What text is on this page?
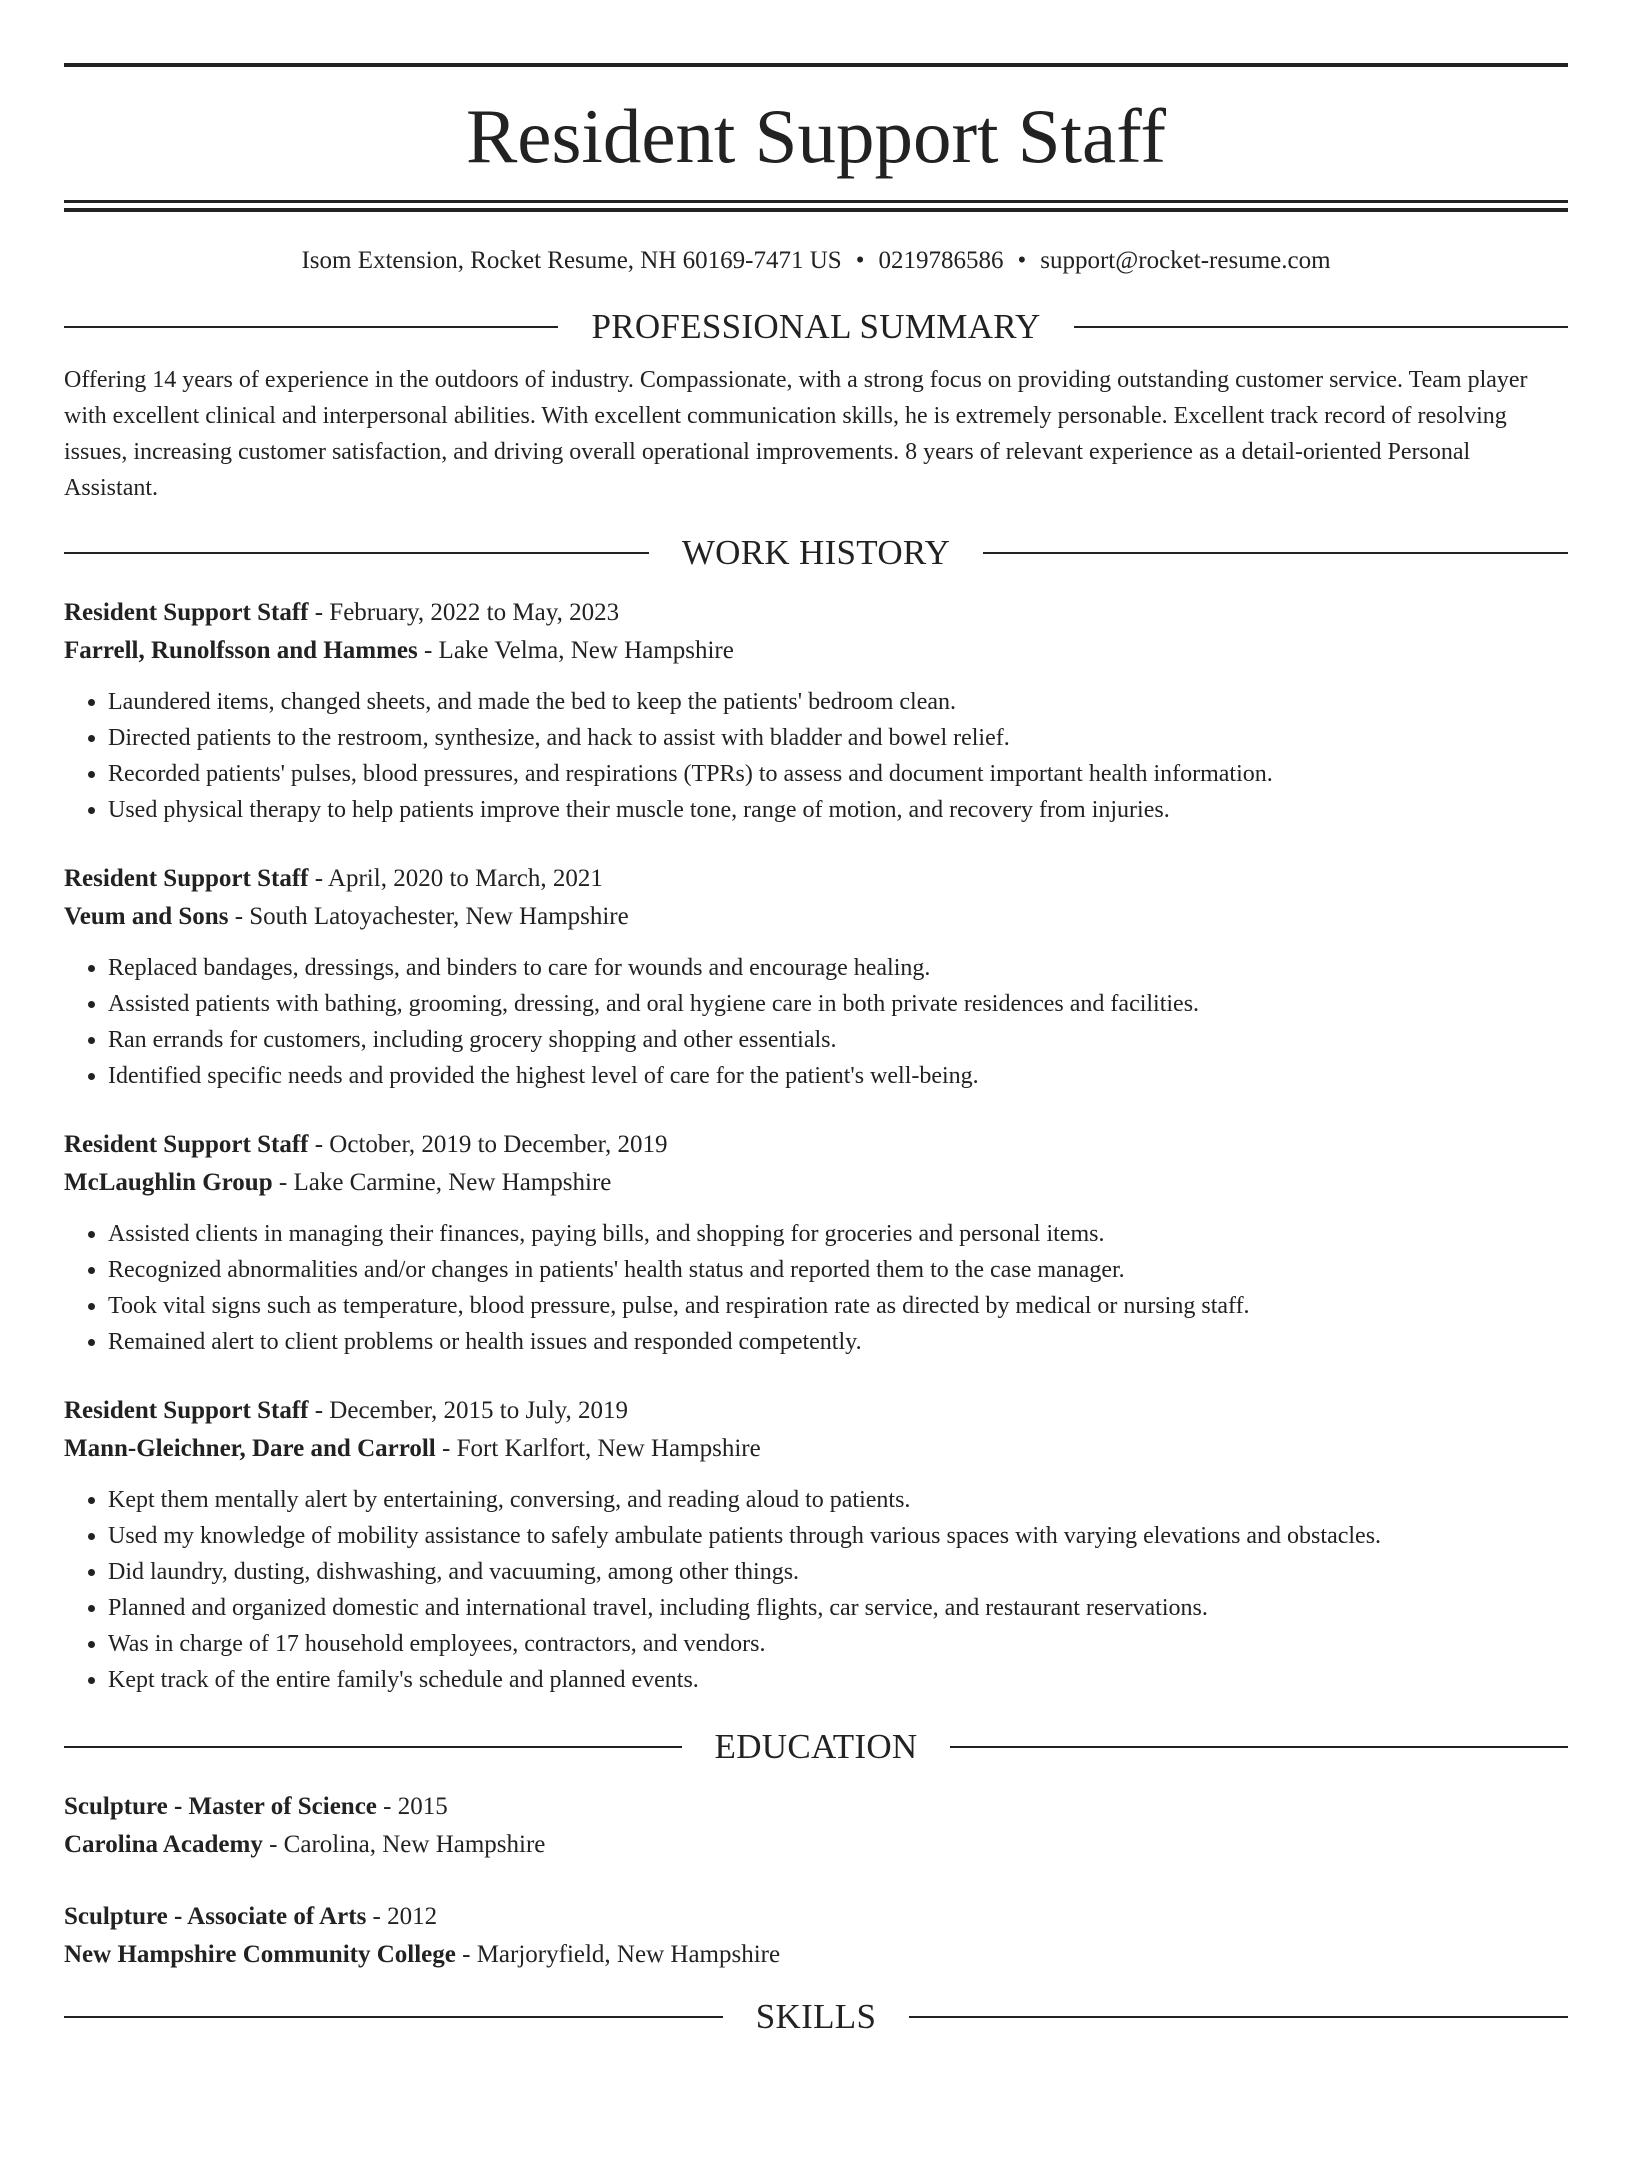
Resident Support Staff
Isom Extension, Rocket Resume, NH 60169-7471 US • 0219786586 • support@rocket-resume.com
PROFESSIONAL SUMMARY
Offering 14 years of experience in the outdoors of industry. Compassionate, with a strong focus on providing outstanding customer service. Team player with excellent clinical and interpersonal abilities. With excellent communication skills, he is extremely personable. Excellent track record of resolving issues, increasing customer satisfaction, and driving overall operational improvements. 8 years of relevant experience as a detail-oriented Personal Assistant.
WORK HISTORY
Resident Support Staff - February, 2022 to May, 2023
Farrell, Runolfsson and Hammes - Lake Velma, New Hampshire
• Laundered items, changed sheets, and made the bed to keep the patients' bedroom clean.
• Directed patients to the restroom, synthesize, and hack to assist with bladder and bowel relief.
• Recorded patients' pulses, blood pressures, and respirations (TPRs) to assess and document important health information.
• Used physical therapy to help patients improve their muscle tone, range of motion, and recovery from injuries.
Resident Support Staff - April, 2020 to March, 2021
Veum and Sons - South Latoyachester, New Hampshire
• Replaced bandages, dressings, and binders to care for wounds and encourage healing.
• Assisted patients with bathing, grooming, dressing, and oral hygiene care in both private residences and facilities.
• Ran errands for customers, including grocery shopping and other essentials.
• Identified specific needs and provided the highest level of care for the patient's well-being.
Resident Support Staff - October, 2019 to December, 2019
McLaughlin Group - Lake Carmine, New Hampshire
• Assisted clients in managing their finances, paying bills, and shopping for groceries and personal items.
• Recognized abnormalities and/or changes in patients' health status and reported them to the case manager.
• Took vital signs such as temperature, blood pressure, pulse, and respiration rate as directed by medical or nursing staff.
• Remained alert to client problems or health issues and responded competently.
Resident Support Staff - December, 2015 to July, 2019
Mann-Gleichner, Dare and Carroll - Fort Karlfort, New Hampshire
• Kept them mentally alert by entertaining, conversing, and reading aloud to patients.
• Used my knowledge of mobility assistance to safely ambulate patients through various spaces with varying elevations and obstacles.
• Did laundry, dusting, dishwashing, and vacuuming, among other things.
• Planned and organized domestic and international travel, including flights, car service, and restaurant reservations.
• Was in charge of 17 household employees, contractors, and vendors.
• Kept track of the entire family's schedule and planned events.
EDUCATION
Sculpture - Master of Science - 2015
Carolina Academy - Carolina, New Hampshire
Sculpture - Associate of Arts - 2012
New Hampshire Community College - Marjoryfield, New Hampshire
SKILLS
